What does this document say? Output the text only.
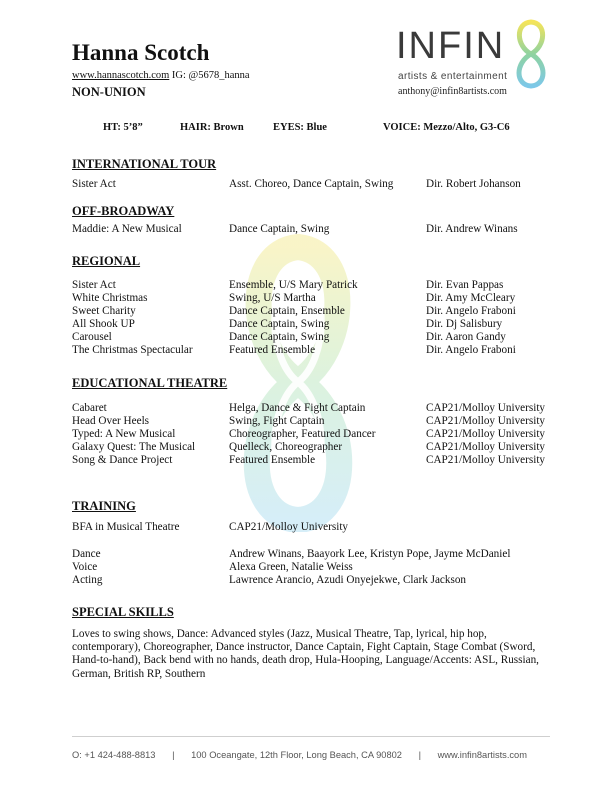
Hanna Scotch
www.hannascotch.com IG: @5678_hanna
NON-UNION
INFIN
artists & entertainment
anthony@infin8artists.com
HT: 5’8”	HAIR: Brown	EYES: Blue	VOICE: Mezzo/Alto, G3-C6
INTERNATIONAL TOUR
Sister Act	Asst. Choreo, Dance Captain, Swing	Dir. Robert Johanson
OFF-BROADWAY
Maddie: A New Musical	Dance Captain, Swing	Dir. Andrew Winans
REGIONAL
Sister Act	Ensemble, U/S Mary Patrick	Dir. Evan Pappas
White Christmas	Swing, U/S Martha	Dir. Amy McCleary
Sweet Charity	Dance Captain, Ensemble	Dir. Angelo Fraboni
All Shook UP	Dance Captain, Swing	Dir. Dj Salisbury
Carousel	Dance Captain, Swing	Dir. Aaron Gandy
The Christmas Spectacular	Featured Ensemble	Dir. Angelo Fraboni
EDUCATIONAL THEATRE
Cabaret	Helga, Dance & Fight Captain	CAP21/Molloy University
Head Over Heels	Swing, Fight Captain	CAP21/Molloy University
Typed: A New Musical	Choreographer, Featured Dancer	CAP21/Molloy University
Galaxy Quest: The Musical	Quelleck, Choreographer	CAP21/Molloy University
Song & Dance Project	Featured Ensemble	CAP21/Molloy University
TRAINING
BFA in Musical Theatre	CAP21/Molloy University
Dance	Andrew Winans, Baayork Lee, Kristyn Pope, Jayme McDaniel
Voice	Alexa Green, Natalie Weiss
Acting	Lawrence Arancio, Azudi Onyejekwe, Clark Jackson
SPECIAL SKILLS
Loves to swing shows, Dance: Advanced styles (Jazz, Musical Theatre, Tap, lyrical, hip hop, contemporary), Choreographer, Dance instructor, Dance Captain, Fight Captain, Stage Combat (Sword, Hand-to-hand), Back bend with no hands, death drop, Hula-Hooping, Language/Accents: ASL, Russian, German, British RP, Southern
O: +1 424-488-8813 | 100 Oceangate, 12th Floor, Long Beach, CA 90802 | www.infin8artists.com
